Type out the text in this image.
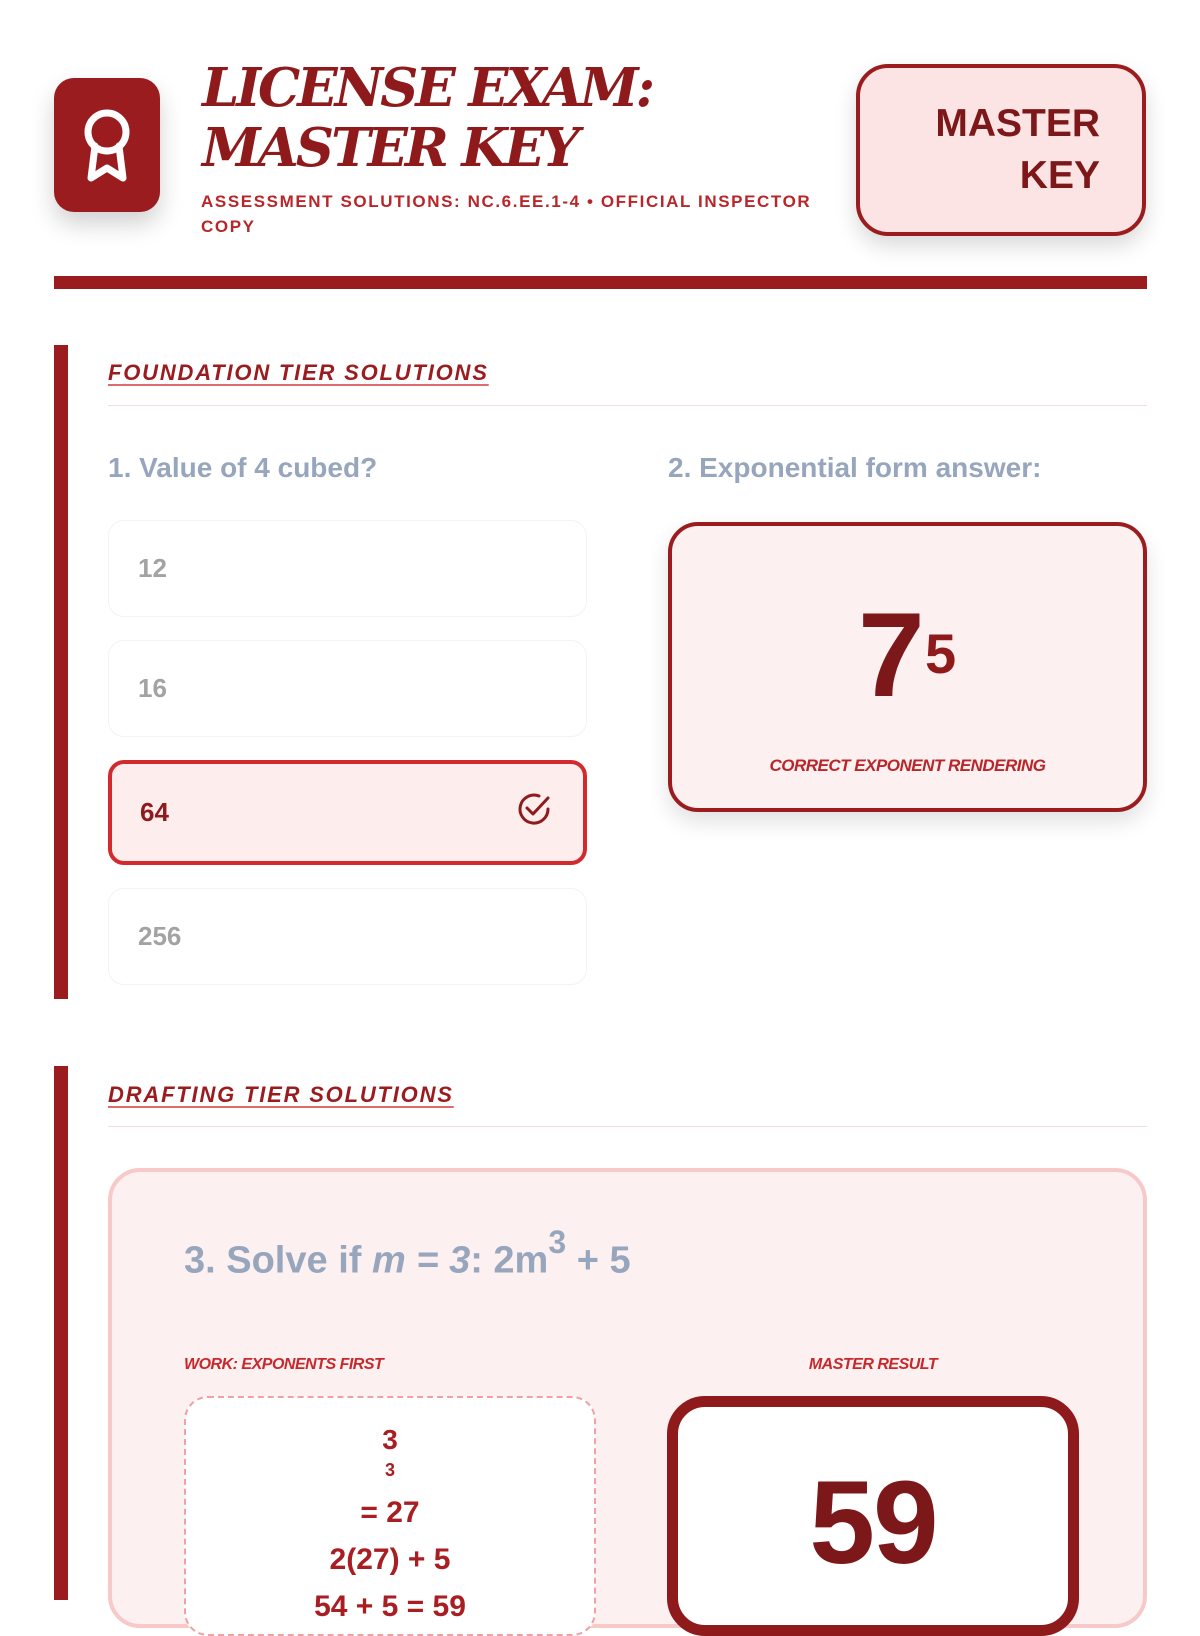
LICENSE EXAM: MASTER KEY
ASSESSMENT SOLUTIONS: NC.6.EE.1-4 • OFFICIAL INSPECTOR COPY
MASTER KEY
FOUNDATION TIER SOLUTIONS
1. Value of 4 cubed?
12
16
64
256
2. Exponential form answer:
7 5
CORRECT EXPONENT RENDERING
DRAFTING TIER SOLUTIONS
3. Solve if m = 3: $2m^3 + 5$
WORK: EXPONENTS FIRST
3
3
= 27
2(27) + 5
54 + 5 = 59
MASTER RESULT
59
